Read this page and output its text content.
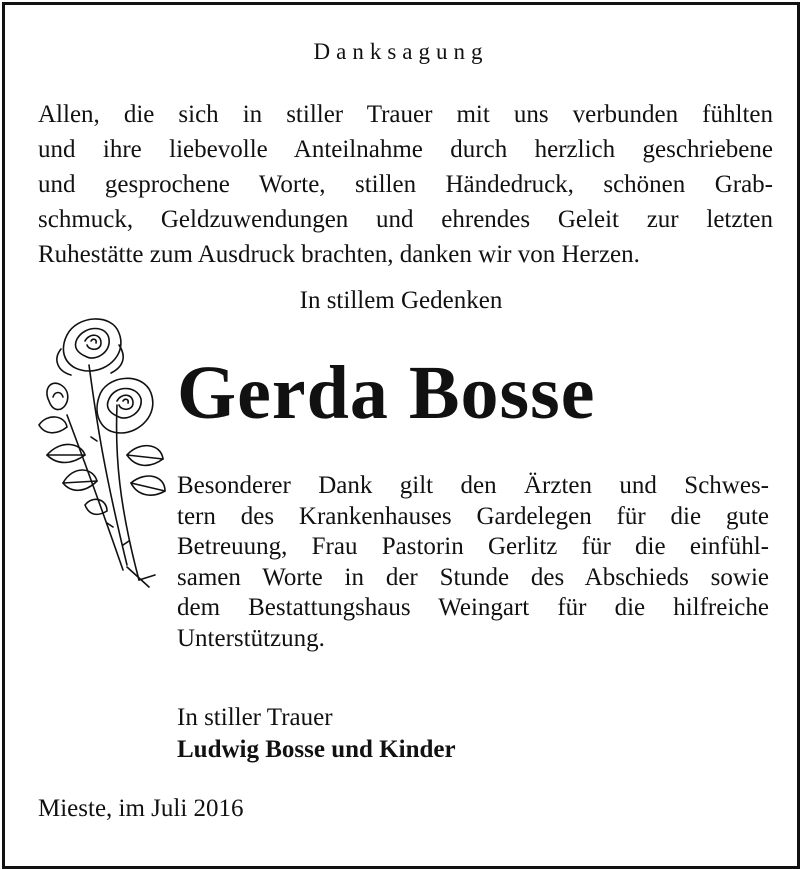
Danksagung
Allen, die sich in stiller Trauer mit uns verbunden fühlten
und ihre liebevolle Anteilnahme durch herzlich geschriebene
und gesprochene Worte, stillen Händedruck, schönen Grab-
schmuck, Geldzuwendungen und ehrendes Geleit zur letzten
Ruhestätte zum Ausdruck brachten, danken wir von Herzen.
In stillem Gedenken
Gerda Bosse
Besonderer Dank gilt den Ärzten und Schwes-
tern des Krankenhauses Gardelegen für die gute
Betreuung, Frau Pastorin Gerlitz für die einfühl-
samen Worte in der Stunde des Abschieds sowie
dem Bestattungshaus Weingart für die hilfreiche
Unterstützung.
In stiller Trauer
Ludwig Bosse und Kinder
Mieste, im Juli 2016
